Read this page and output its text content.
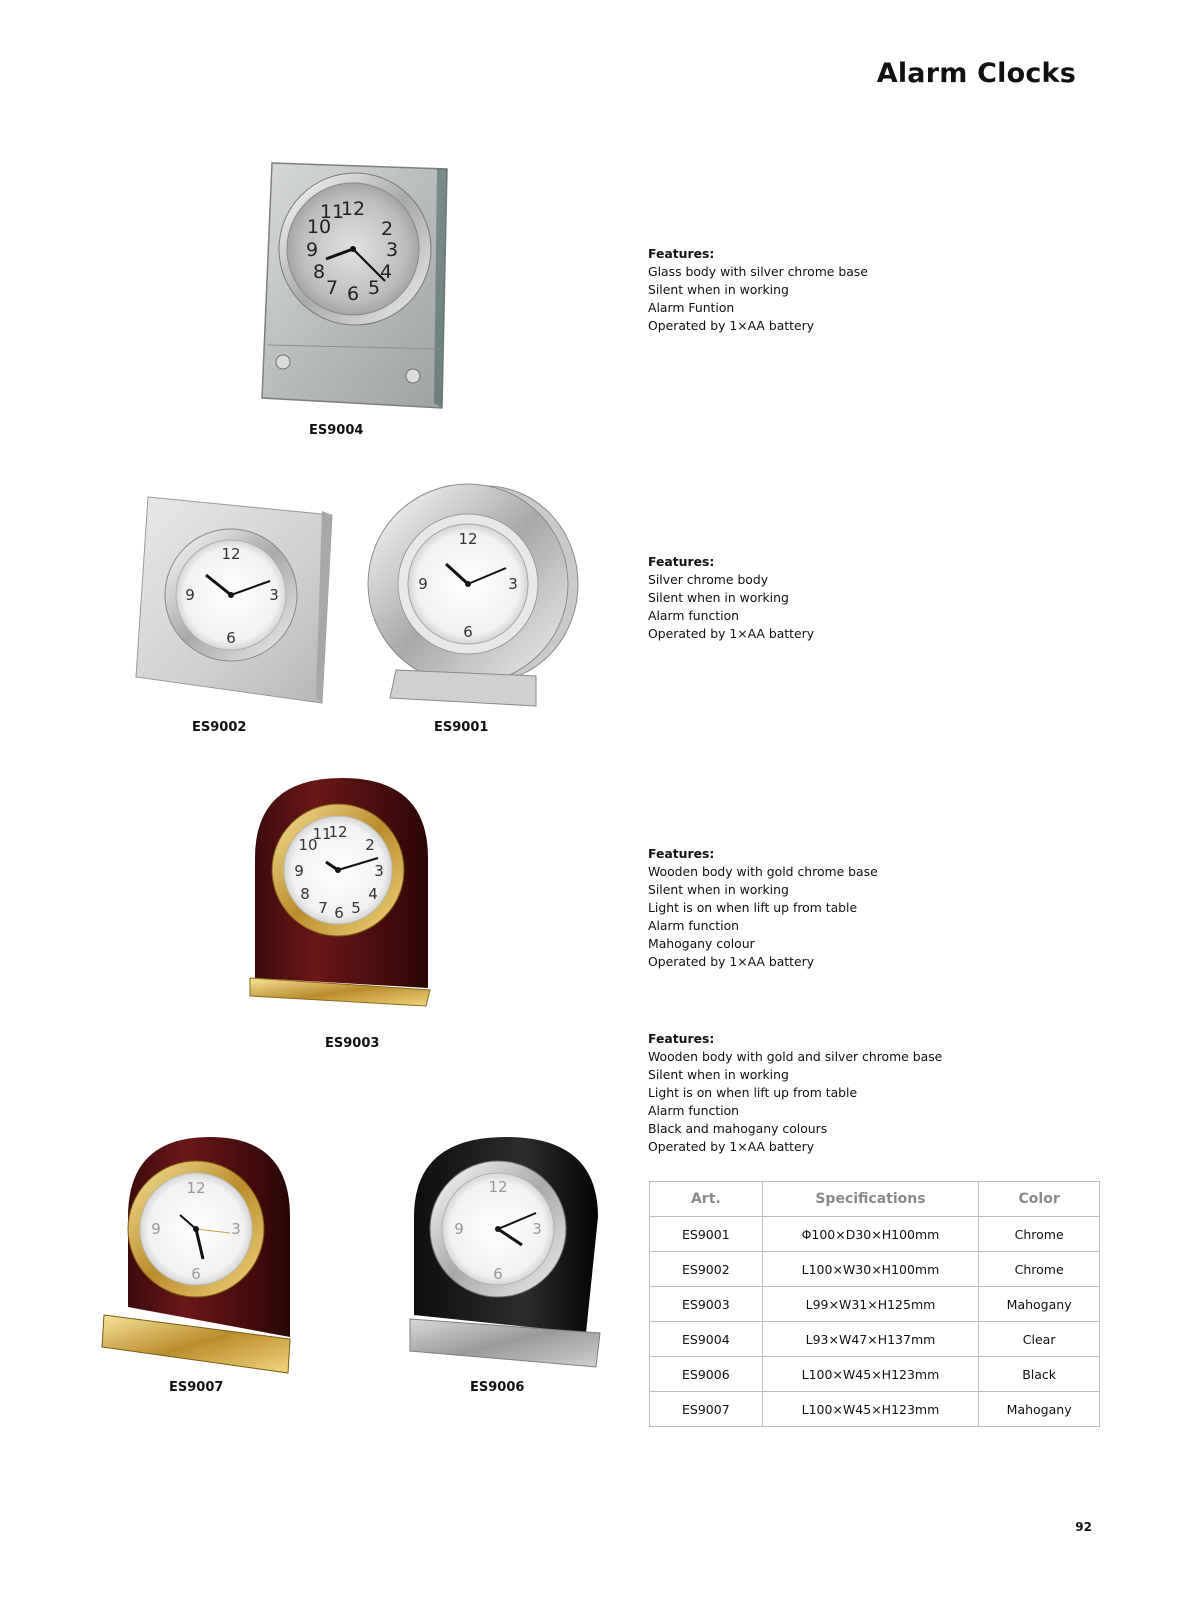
Alarm Clocks
12
10
9
8
7 6 5
4
3
2
11
ES9004
12
9	3
6
ES9002
12
9	3
6
ES9001
12
10
9
8
7 6 5
4
3
2
11
ES9003
12
9	3
6
ES9007
12
9	3
6
ES9006
Features:
Glass body with silver chrome base
Silent when in working
Alarm Funtion
Operated by 1×AA battery
Features:
Silver chrome body
Silent when in working
Alarm function
Operated by 1×AA battery
Features:
Wooden body with gold chrome base
Silent when in working
Light is on when lift up from table
Alarm function
Mahogany colour
Operated by 1×AA battery
Features:
Wooden body with gold and silver chrome base
Silent when in working
Light is on when lift up from table
Alarm function
Black and mahogany colours
Operated by 1×AA battery
Art.	Specifications	Color
ES9001	Φ100×D30×H100mm	Chrome
ES9002	L100×W30×H100mm	Chrome
ES9003	L99×W31×H125mm	Mahogany
ES9004	L93×W47×H137mm	Clear
ES9006	L100×W45×H123mm	Black
ES9007	L100×W45×H123mm	Mahogany
92
